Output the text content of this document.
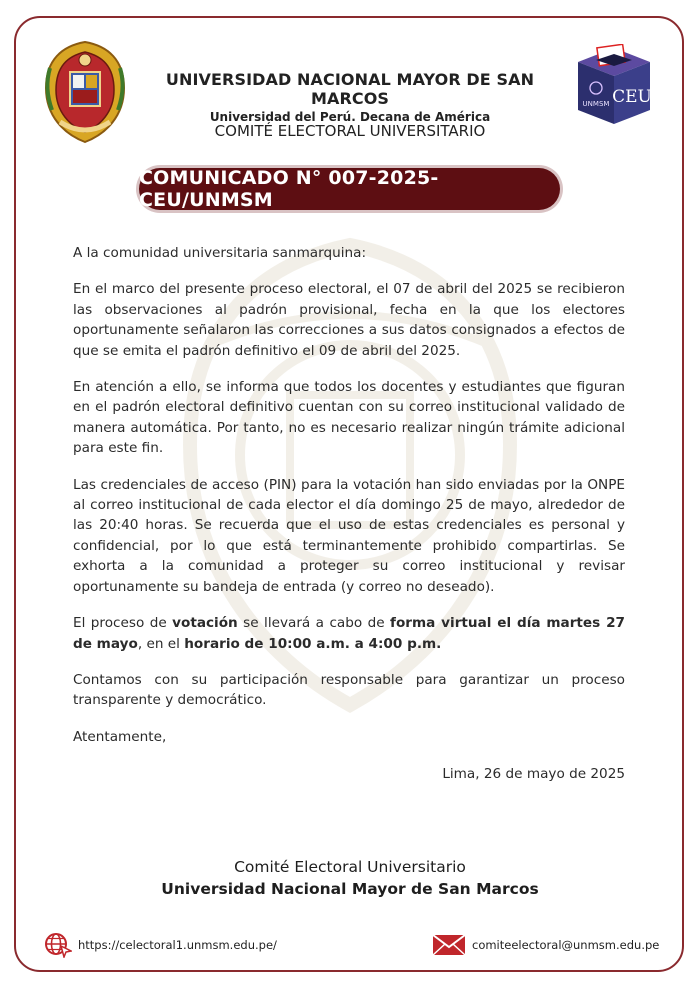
UNMSM CEU
UNIVERSIDAD NACIONAL MAYOR DE SAN MARCOS
Universidad del Perú. Decana de América
COMITÉ ELECTORAL UNIVERSITARIO
COMUNICADO N° 007-2025-CEU/UNMSM

A la comunidad universitaria sanmarquina:

En el marco del presente proceso electoral, el 07 de abril del 2025 se recibieron las observaciones al padrón provisional, fecha en la que los electores oportunamente señalaron las correcciones a sus datos consignados a efectos de que se emita el padrón definitivo el 09 de abril del 2025.

En atención a ello, se informa que todos los docentes y estudiantes que figuran en el padrón electoral definitivo cuentan con su correo institucional validado de manera automática. Por tanto, no es necesario realizar ningún trámite adicional para este fin.

Las credenciales de acceso (PIN) para la votación han sido enviadas por la ONPE al correo institucional de cada elector el día domingo 25 de mayo, alrededor de las 20:40 horas. Se recuerda que el uso de estas credenciales es personal y confidencial, por lo que está terminantemente prohibido compartirlas. Se exhorta a la comunidad a proteger su correo institucional y revisar oportunamente su bandeja de entrada (y correo no deseado).

El proceso de votación se llevará a cabo de forma virtual el día martes 27 de mayo, en el horario de 10:00 a.m. a 4:00 p.m.

Contamos con su participación responsable para garantizar un proceso transparente y democrático.

Atentamente,

Lima, 26 de mayo de 2025

Comité Electoral Universitario
Universidad Nacional Mayor de San Marcos
https://celectoral1.unmsm.edu.pe/	comiteelectoral@unmsm.edu.pe
